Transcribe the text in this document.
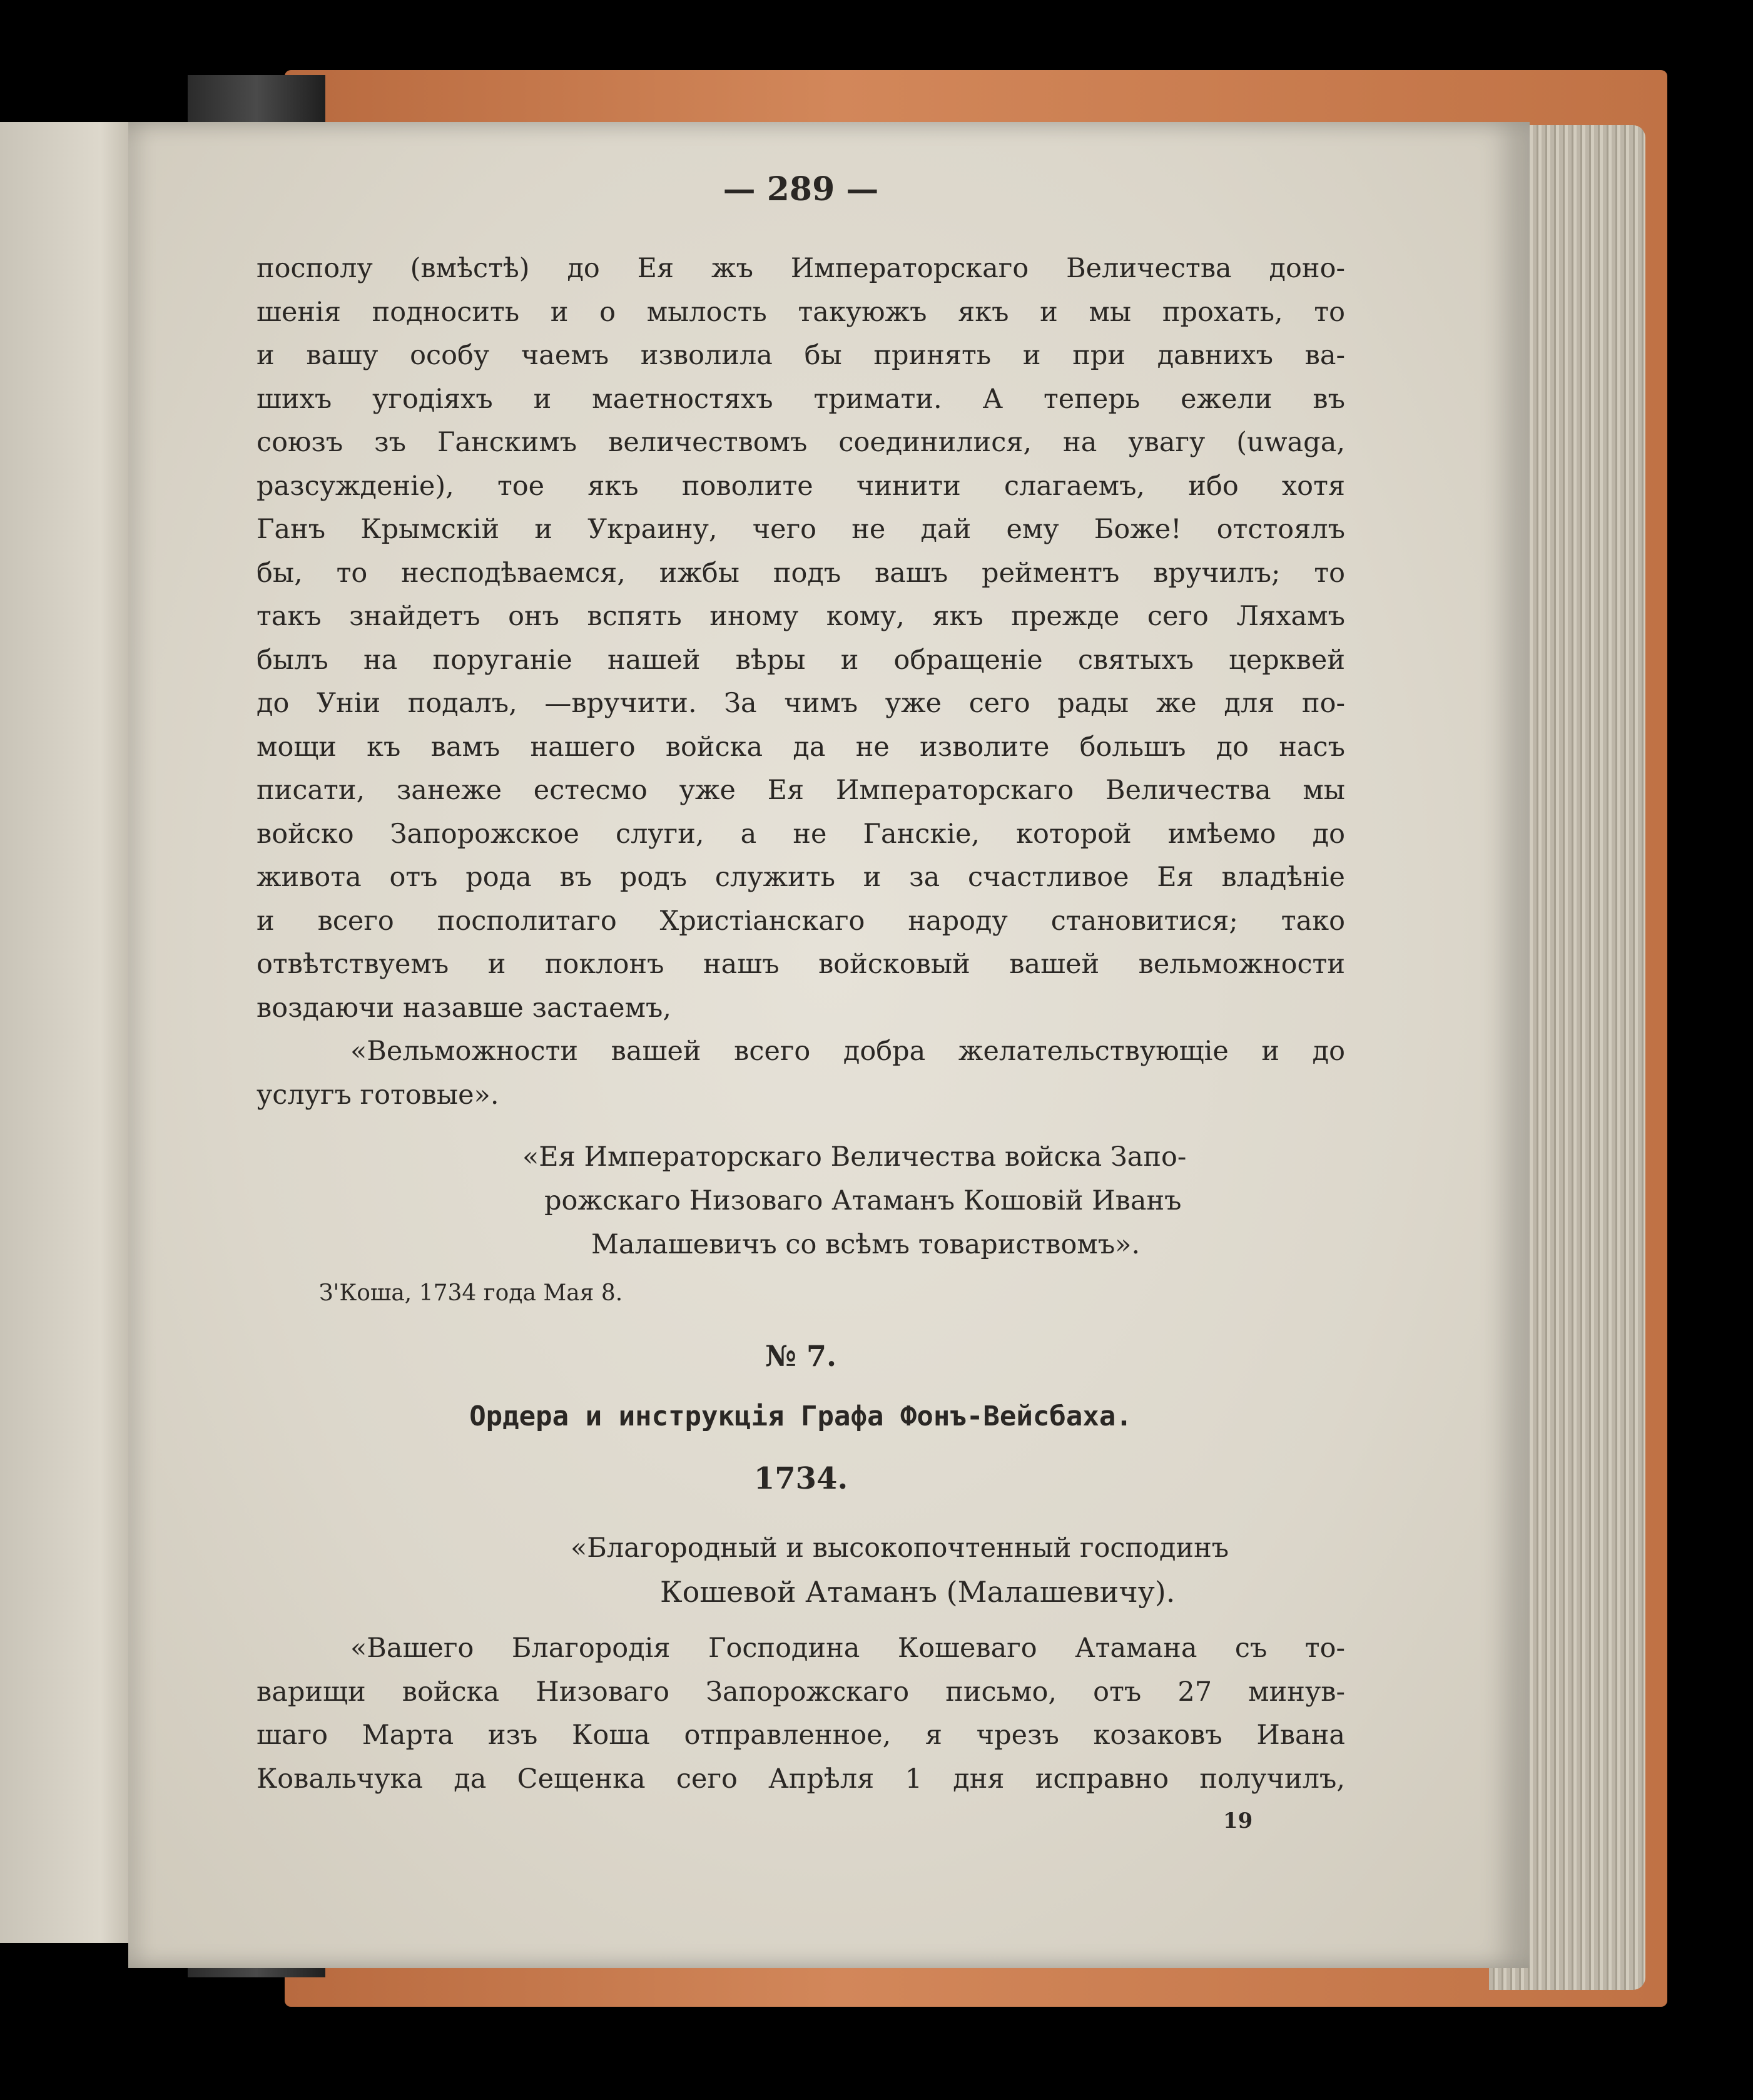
— 289 —
посполу (вмѣстѣ) до Ея жъ Императорскаго Величества доно-
шенія подносить и о мылость такуюжъ якъ и мы прохать, то
и вашу особу чаемъ изволила бы принять и при давнихъ ва-
шихъ угодіяхъ и маетностяхъ тримати. А теперь ежели въ
союзъ зъ Ганскимъ величествомъ соединилися, на увагу (uwaga,
разсужденіе), тое якъ поволите чинити слагаемъ, ибо хотя
Ганъ Крымскій и Украину, чего не дай ему Боже! отстоялъ
бы, то несподѣваемся, ижбы подъ вашъ рейментъ вручилъ; то
такъ знайдетъ онъ вспять иному кому, якъ прежде сего Ляхамъ
былъ на поруганіе нашей вѣры и обращеніе святыхъ церквей
до Уніи подалъ, —вручити. За чимъ уже сего рады же для по-
мощи къ вамъ нашего войска да не изволите большъ до насъ
писати, занеже естесмо уже Ея Императорскаго Величества мы
войско Запорожское слуги, а не Ганскіе, которой имѣемо до
живота отъ рода въ родъ служить и за счастливое Ея владѣніе
и всего посполитаго Христіанскаго народу становитися; тако
отвѣтствуемъ и поклонъ нашъ войсковый вашей вельможности
воздаючи назавше застаемъ,
«Вельможности вашей всего добра желательствующіе и до
услугъ готовые».
«Ея Императорскаго Величества войска Запо-
рожскаго Низоваго Атаманъ Кошовій Иванъ
Малашевичъ со всѣмъ товариствомъ».
З'Коша, 1734 года Мая 8.
№ 7.
Ордера и инструкція Графа Фонъ-Вейсбаха.
1734.
«Благородный и высокопочтенный господинъ
Кошевой Атаманъ (Малашевичу).
«Вашего Благородія Господина Кошеваго Атамана съ то-
варищи войска Низоваго Запорожскаго письмо, отъ 27 минув-
шаго Марта изъ Коша отправленное, я чрезъ козаковъ Ивана
Ковальчука да Сещенка сего Апрѣля 1 дня исправно получилъ,
19
